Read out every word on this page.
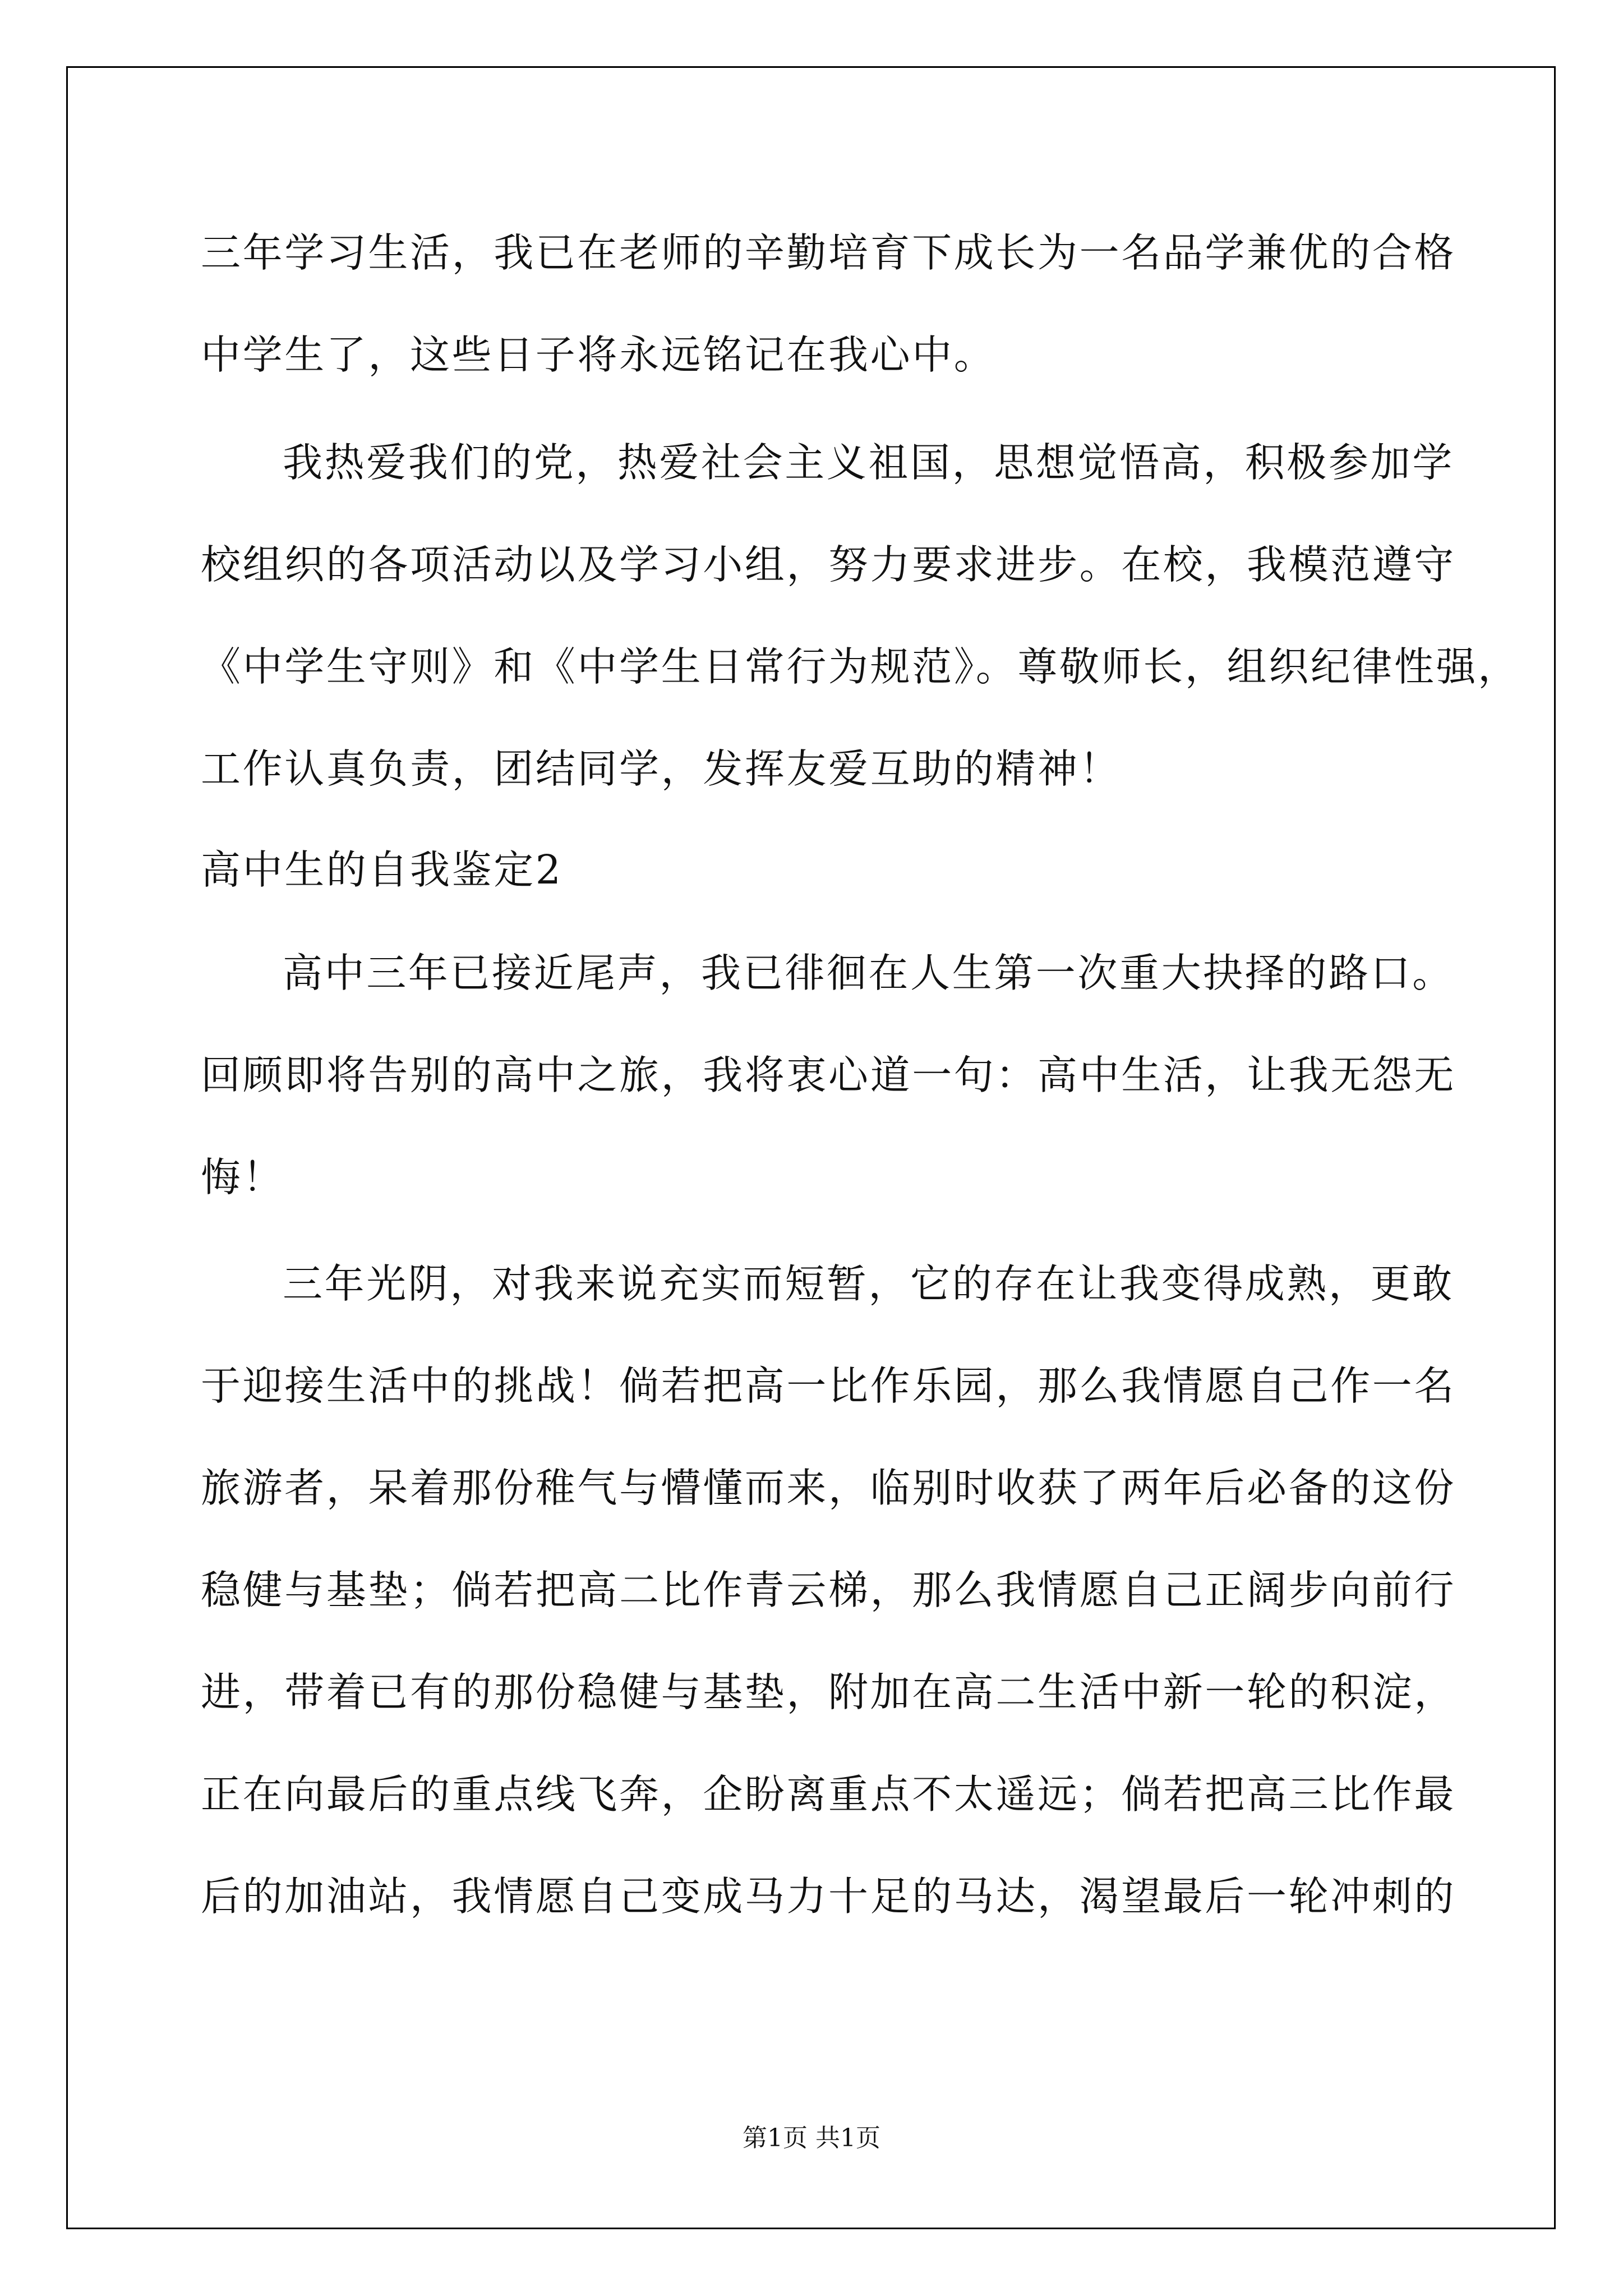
三年学习生活，我已在老师的辛勤培育下成长为一名品学兼优的合格
中学生了，这些日子将永远铭记在我心中。
我热爱我们的党，热爱社会主义祖国，思想觉悟高，积极参加学
校组织的各项活动以及学习小组，努力要求进步。在校，我模范遵守
《中学生守则》和《中学生日常行为规范》。尊敬师长，组织纪律性强，
工作认真负责，团结同学，发挥友爱互助的精神！
高中生的自我鉴定2
高中三年已接近尾声，我已徘徊在人生第一次重大抉择的路口。
回顾即将告别的高中之旅，我将衷心道一句：高中生活，让我无怨无
悔！
三年光阴，对我来说充实而短暂，它的存在让我变得成熟，更敢
于迎接生活中的挑战！倘若把高一比作乐园，那么我情愿自己作一名
旅游者，呆着那份稚气与懵懂而来，临别时收获了两年后必备的这份
稳健与基垫；倘若把高二比作青云梯，那么我情愿自己正阔步向前行
进，带着已有的那份稳健与基垫，附加在高二生活中新一轮的积淀，
正在向最后的重点线飞奔，企盼离重点不太遥远；倘若把高三比作最
后的加油站，我情愿自己变成马力十足的马达，渴望最后一轮冲刺的
第1页 共1页
